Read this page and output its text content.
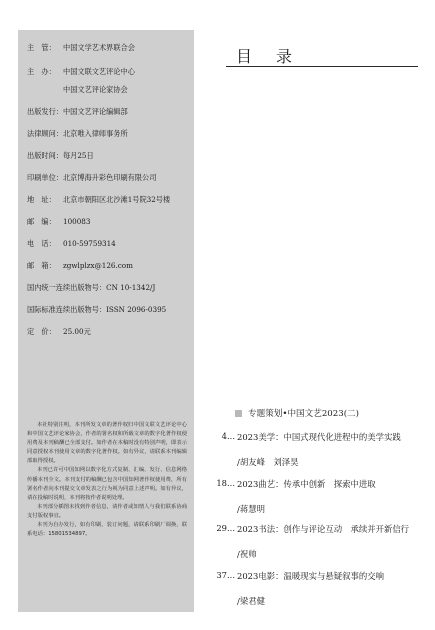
主　管：	中国文学艺术界联合会
主　办：	中国文联文艺评论中心
中国文艺评论家协会
出版发行： 中国文艺评论编辑部
法律顾问： 北京唯入律师事务所
出版时间： 每月25日
印刷单位： 北京博海升彩色印刷有限公司
地　址：	北京市朝阳区北沙滩1号院32号楼
邮　编：	100083
电　话：	010-59759314
邮　箱：	zgwlplzx@126.com
国内统一连续出版物号： CN 10-1342/J
国际标准连续出版物号： ISSN 2096-0395
定　价：	25.00元

本社特别注明，本刊所发文章的著作权归中国文联文艺评论中心和中国文艺评论家协会，作者的署名权和所载文章的数字化著作权使用费及本刊稿酬已全部支付。如作者在本稿时没有特别声明，即表示同意授权本刊使用文章的数字化著作权。如有异议，请联系本刊编辑部取得授权。

本刊已许可中国知网以数字化方式复制、汇编、发行、信息网络传播本刊全文。本刊支付的稿酬已包含中国知网著作权使用费，所有署名作者向本刊提交文章发表之行为视为同意上述声明。如有异议，请在投稿时说明，本刊将按作者说明处理。

本刊部分插图未找到作者信息，请作者或知情人与我们联系协商支付版权事宜。

本刊为自办发行，如有印刷、装订问题，请联系印刷厂调换，联系电话：15801534897。

目 录
专题策划•中国文艺2023(二)
4... 2023美学：中国式现代化进程中的美学实践
/胡友峰　刘泽昊
18... 2023曲艺：传承中创新　探索中进取
/蒋慧明
29... 2023书法：创作与评论互动　承续并开新信行
/祝帅
37... 2023电影：温暖现实与悬疑叙事的交响
/梁君健
